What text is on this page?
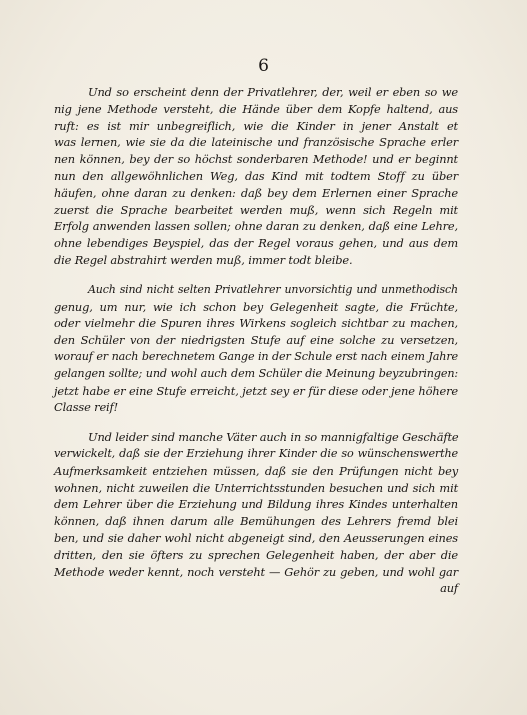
6
Und so erscheint denn der Privatlehrer, der, weil er eben so we
nig jene Methode versteht, die Hände über dem Kopfe haltend, aus
ruft: es ist mir unbegreiflich, wie die Kinder in jener Anstalt et
was lernen, wie sie da die lateinische und französische Sprache erler
nen können, bey der so höchst sonderbaren Methode! und er beginnt
nun den allgewöhnlichen Weg, das Kind mit todtem Stoff zu über
häufen, ohne daran zu denken: daß bey dem Erlernen einer Sprache
zuerst die Sprache bearbeitet werden muß, wenn sich Regeln mit
Erfolg anwenden lassen sollen; ohne daran zu denken, daß eine Lehre,
ohne lebendiges Beyspiel, das der Regel voraus gehen, und aus dem
die Regel abstrahirt werden muß, immer todt bleibe.
Auch sind nicht selten Privatlehrer unvorsichtig und unmethodisch
genug, um nur, wie ich schon bey Gelegenheit sagte, die Früchte,
oder vielmehr die Spuren ihres Wirkens sogleich sichtbar zu machen,
den Schüler von der niedrigsten Stufe auf eine solche zu versetzen,
worauf er nach berechnetem Gange in der Schule erst nach einem Jahre
gelangen sollte; und wohl auch dem Schüler die Meinung beyzubringen:
jetzt habe er eine Stufe erreicht, jetzt sey er für diese oder jene höhere
Classe reif!
Und leider sind manche Väter auch in so mannigfaltige Geschäfte
verwickelt, daß sie der Erziehung ihrer Kinder die so wünschenswerthe
Aufmerksamkeit entziehen müssen, daß sie den Prüfungen nicht bey
wohnen, nicht zuweilen die Unterrichtsstunden besuchen und sich mit
dem Lehrer über die Erziehung und Bildung ihres Kindes unterhalten
können, daß ihnen darum alle Bemühungen des Lehrers fremd blei
ben, und sie daher wohl nicht abgeneigt sind, den Aeusserungen eines
dritten, den sie öfters zu sprechen Gelegenheit haben, der aber die
Methode weder kennt, noch versteht — Gehör zu geben, und wohl gar
auf
